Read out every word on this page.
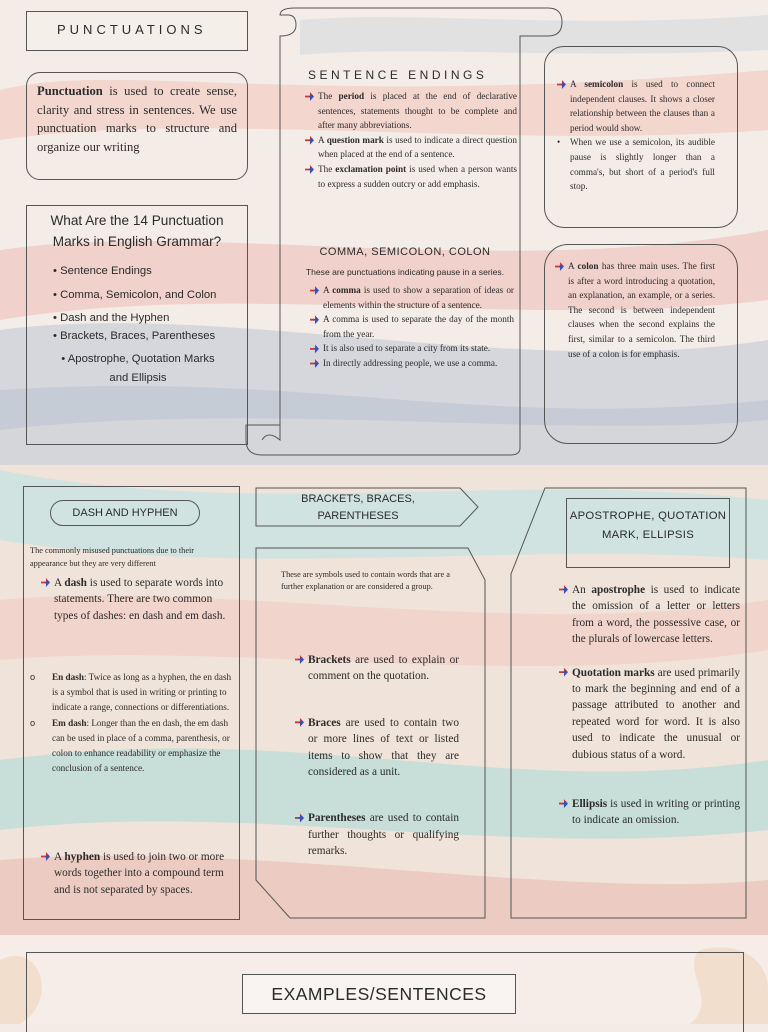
PUNCTUATIONS
Punctuation is used to create sense, clarity and stress in sentences. We use punctuation marks to structure and organize our writing
What Are the 14 Punctuation Marks in English Grammar?
• Sentence Endings
• Comma, Semicolon, and Colon
• Dash and the Hyphen
• Brackets, Braces, Parentheses
• Apostrophe, Quotation Marks and Ellipsis
SENTENCE ENDINGS
The period is placed at the end of declarative sentences, statements thought to be complete and after many abbreviations.
A question mark is used to indicate a direct question when placed at the end of a sentence.
The exclamation point is used when a person wants to express a sudden outcry or add emphasis.
COMMA, SEMICOLON, COLON
These are punctuations indicating pause in a series.
A comma is used to show a separation of ideas or elements within the structure of a sentence.
A comma is used to separate the day of the month from the year.
It is also used to separate a city from its state.
In directly addressing people, we use a comma.
A semicolon is used to connect independent clauses. It shows a closer relationship between the clauses than a period would show.
• When we use a semicolon, its audible pause is slightly longer than a comma's, but short of a period's full stop.
A colon has three main uses. The first is after a word introducing a quotation, an explanation, an example, or a series. The second is between independent clauses when the second explains the first, similar to a semicolon. The third use of a colon is for emphasis.
DASH AND HYPHEN
The commonly misused punctuations due to their appearance but they are very different
A dash is used to separate words into statements. There are two common types of dashes: en dash and em dash.
o En dash: Twice as long as a hyphen, the en dash is a symbol that is used in writing or printing to indicate a range, connections or differentiations.
o Em dash: Longer than the en dash, the em dash can be used in place of a comma, parenthesis, or colon to enhance readability or emphasize the conclusion of a sentence.
A hyphen is used to join two or more words together into a compound term and is not separated by spaces.
BRACKETS, BRACES, PARENTHESES
These are symbols used to contain words that are a further explanation or are considered a group.
Brackets are used to explain or comment on the quotation.
Braces are used to contain two or more lines of text or listed items to show that they are considered as a unit.
Parentheses are used to contain further thoughts or qualifying remarks.
APOSTROPHE, QUOTATION MARK, ELLIPSIS
An apostrophe is used to indicate the omission of a letter or letters from a word, the possessive case, or the plurals of lowercase letters.
Quotation marks are used primarily to mark the beginning and end of a passage attributed to another and repeated word for word. It is also used to indicate the unusual or dubious status of a word.
Ellipsis is used in writing or printing to indicate an omission.
EXAMPLES/SENTENCES
